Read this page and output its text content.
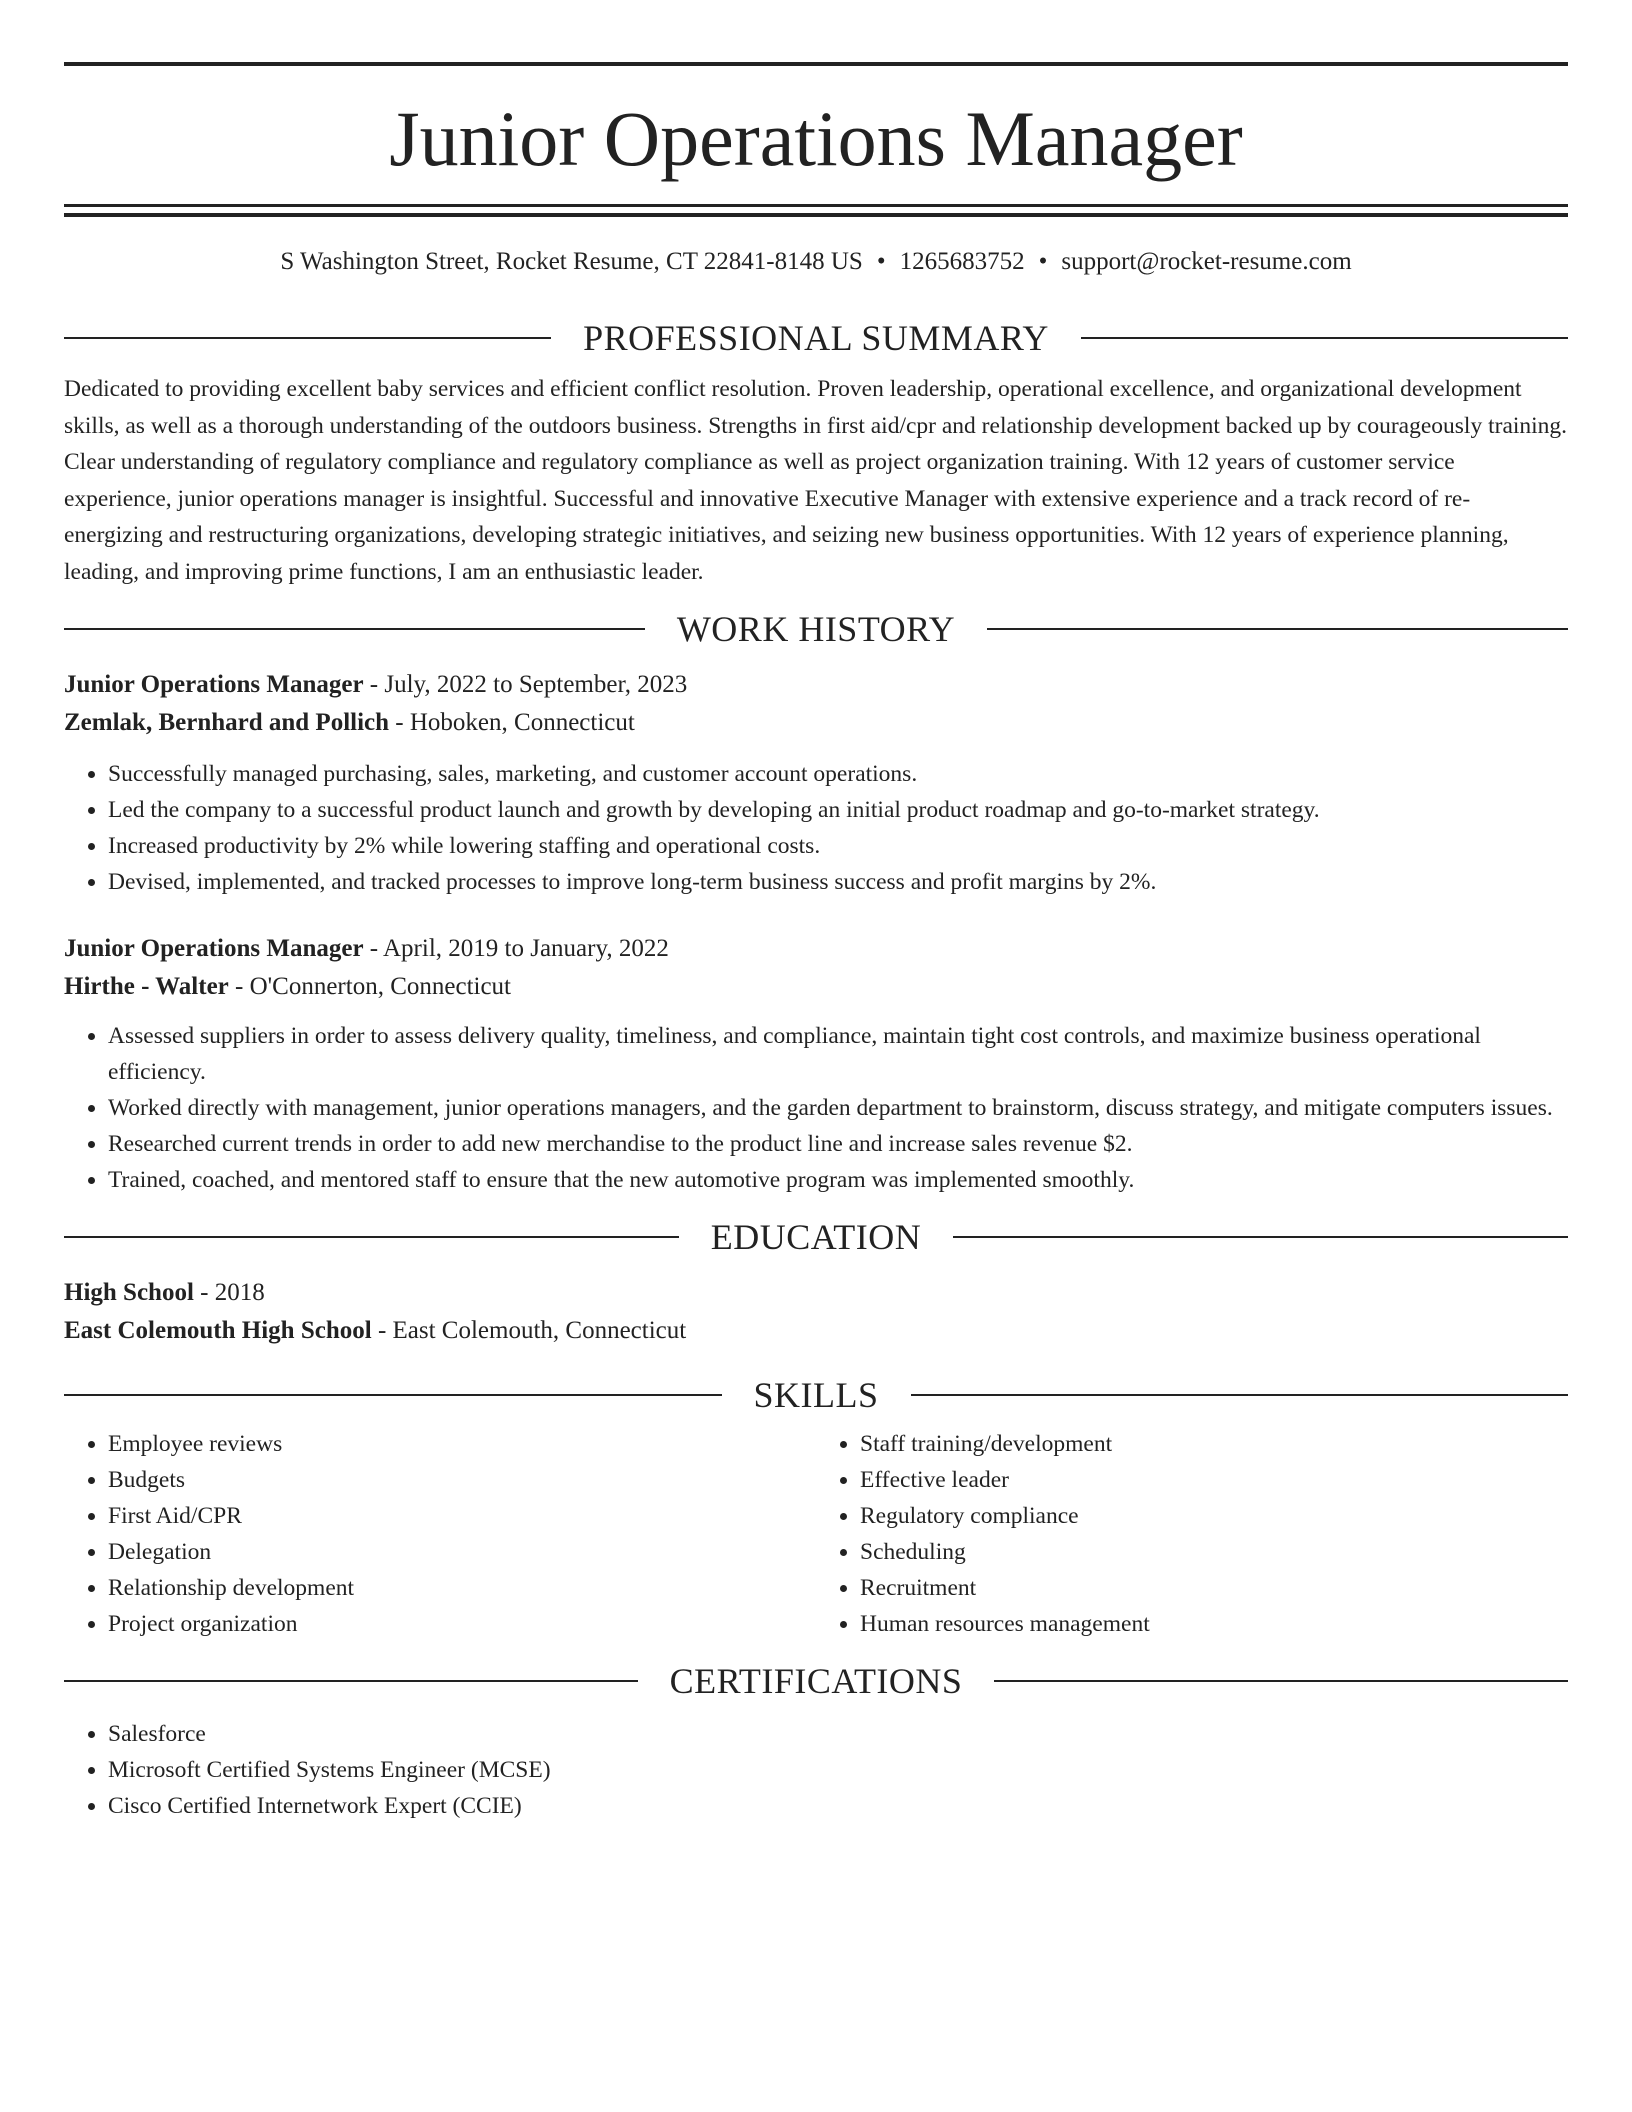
Junior Operations Manager
S Washington Street, Rocket Resume, CT 22841-8148 US • 1265683752 • support@rocket-resume.com
PROFESSIONAL SUMMARY
Dedicated to providing excellent baby services and efficient conflict resolution. Proven leadership, operational excellence, and organizational development skills, as well as a thorough understanding of the outdoors business. Strengths in first aid/cpr and relationship development backed up by courageously training. Clear understanding of regulatory compliance and regulatory compliance as well as project organization training. With 12 years of customer service experience, junior operations manager is insightful. Successful and innovative Executive Manager with extensive experience and a track record of re-energizing and restructuring organizations, developing strategic initiatives, and seizing new business opportunities. With 12 years of experience planning, leading, and improving prime functions, I am an enthusiastic leader.
WORK HISTORY
Junior Operations Manager - July, 2022 to September, 2023
Zemlak, Bernhard and Pollich - Hoboken, Connecticut
• Successfully managed purchasing, sales, marketing, and customer account operations.
• Led the company to a successful product launch and growth by developing an initial product roadmap and go-to-market strategy.
• Increased productivity by 2% while lowering staffing and operational costs.
• Devised, implemented, and tracked processes to improve long-term business success and profit margins by 2%.
Junior Operations Manager - April, 2019 to January, 2022
Hirthe - Walter - O'Connerton, Connecticut
• Assessed suppliers in order to assess delivery quality, timeliness, and compliance, maintain tight cost controls, and maximize business operational efficiency.
• Worked directly with management, junior operations managers, and the garden department to brainstorm, discuss strategy, and mitigate computers issues.
• Researched current trends in order to add new merchandise to the product line and increase sales revenue $2.
• Trained, coached, and mentored staff to ensure that the new automotive program was implemented smoothly.
EDUCATION
High School - 2018
East Colemouth High School - East Colemouth, Connecticut
SKILLS
• Employee reviews
• Budgets
• First Aid/CPR
• Delegation
• Relationship development
• Project organization
• Staff training/development
• Effective leader
• Regulatory compliance
• Scheduling
• Recruitment
• Human resources management
CERTIFICATIONS
• Salesforce
• Microsoft Certified Systems Engineer (MCSE)
• Cisco Certified Internetwork Expert (CCIE)
